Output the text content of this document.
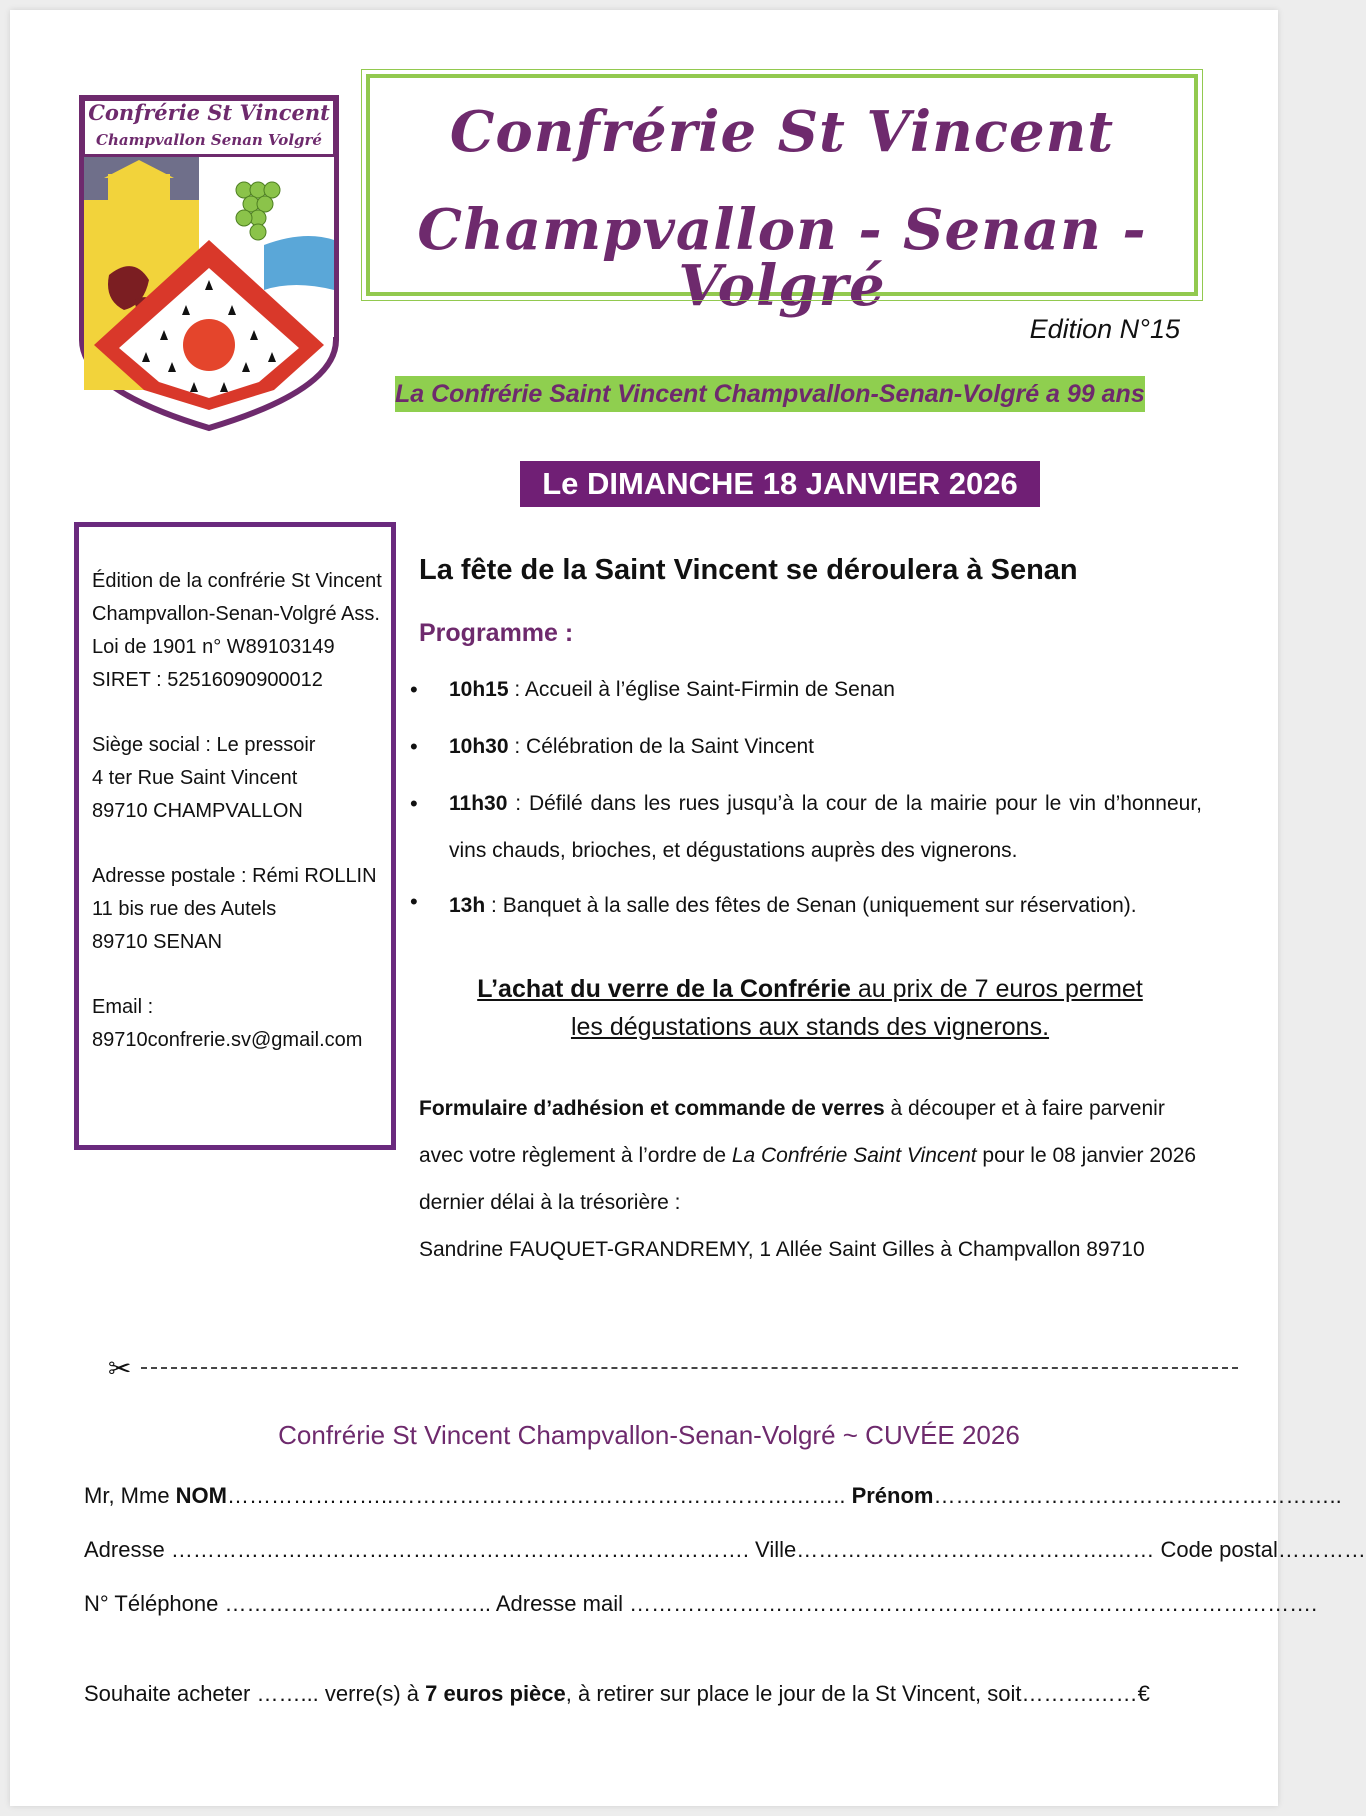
Confrérie St Vincent
Champvallon Senan Volgré	Confrérie St Vincent
Champvallon - Senan - Volgré
Edition N°15
La Confrérie Saint Vincent Champvallon-Senan-Volgré a 99 ans
Le DIMANCHE 18 JANVIER 2026

Édition de la confrérie St Vincent Champvallon-Senan-Volgré Ass. Loi de 1901 n° W89103149 SIRET : 52516090900012

Siège social : Le pressoir
4 ter Rue Saint Vincent
89710 CHAMPVALLON

Adresse postale : Rémi ROLLIN
11 bis rue des Autels
89710 SENAN

Email :
89710confrerie.sv@gmail.com

La fête de la Saint Vincent se déroulera à Senan
Programme :
• 10h15 : Accueil à l’église Saint-Firmin de Senan
• 10h30 : Célébration de la Saint Vincent
• 11h30 : Défilé dans les rues jusqu’à la cour de la mairie pour le vin d’honneur, vins chauds, brioches, et dégustations auprès des vignerons.
• 13h : Banquet à la salle des fêtes de Senan (uniquement sur réservation).
L’achat du verre de la Confrérie au prix de 7 euros permet
les dégustations aux stands des vignerons.
Formulaire d’adhésion et commande de verres à découper et à faire parvenir avec votre règlement à l’ordre de La Confrérie Saint Vincent pour le 08 janvier 2026 dernier délai à la trésorière :
Sandrine FAUQUET-GRANDREMY, 1 Allée Saint Gilles à Champvallon 89710
✂
Confrérie St Vincent Champvallon-Senan-Volgré ~ CUVÉE 2026
Mr, Mme NOM…………………..…………………………………………………….. Prénom………………………………………………..
Adresse ……………………………………………………………………. Ville…………………………………….…… Code postal…………
N° Téléphone ……………………..……….. Adresse mail ………………………………………………………………………………….
Souhaite acheter ……... verre(s) à 7 euros pièce, à retirer sur place le jour de la St Vincent, soit……….……€
